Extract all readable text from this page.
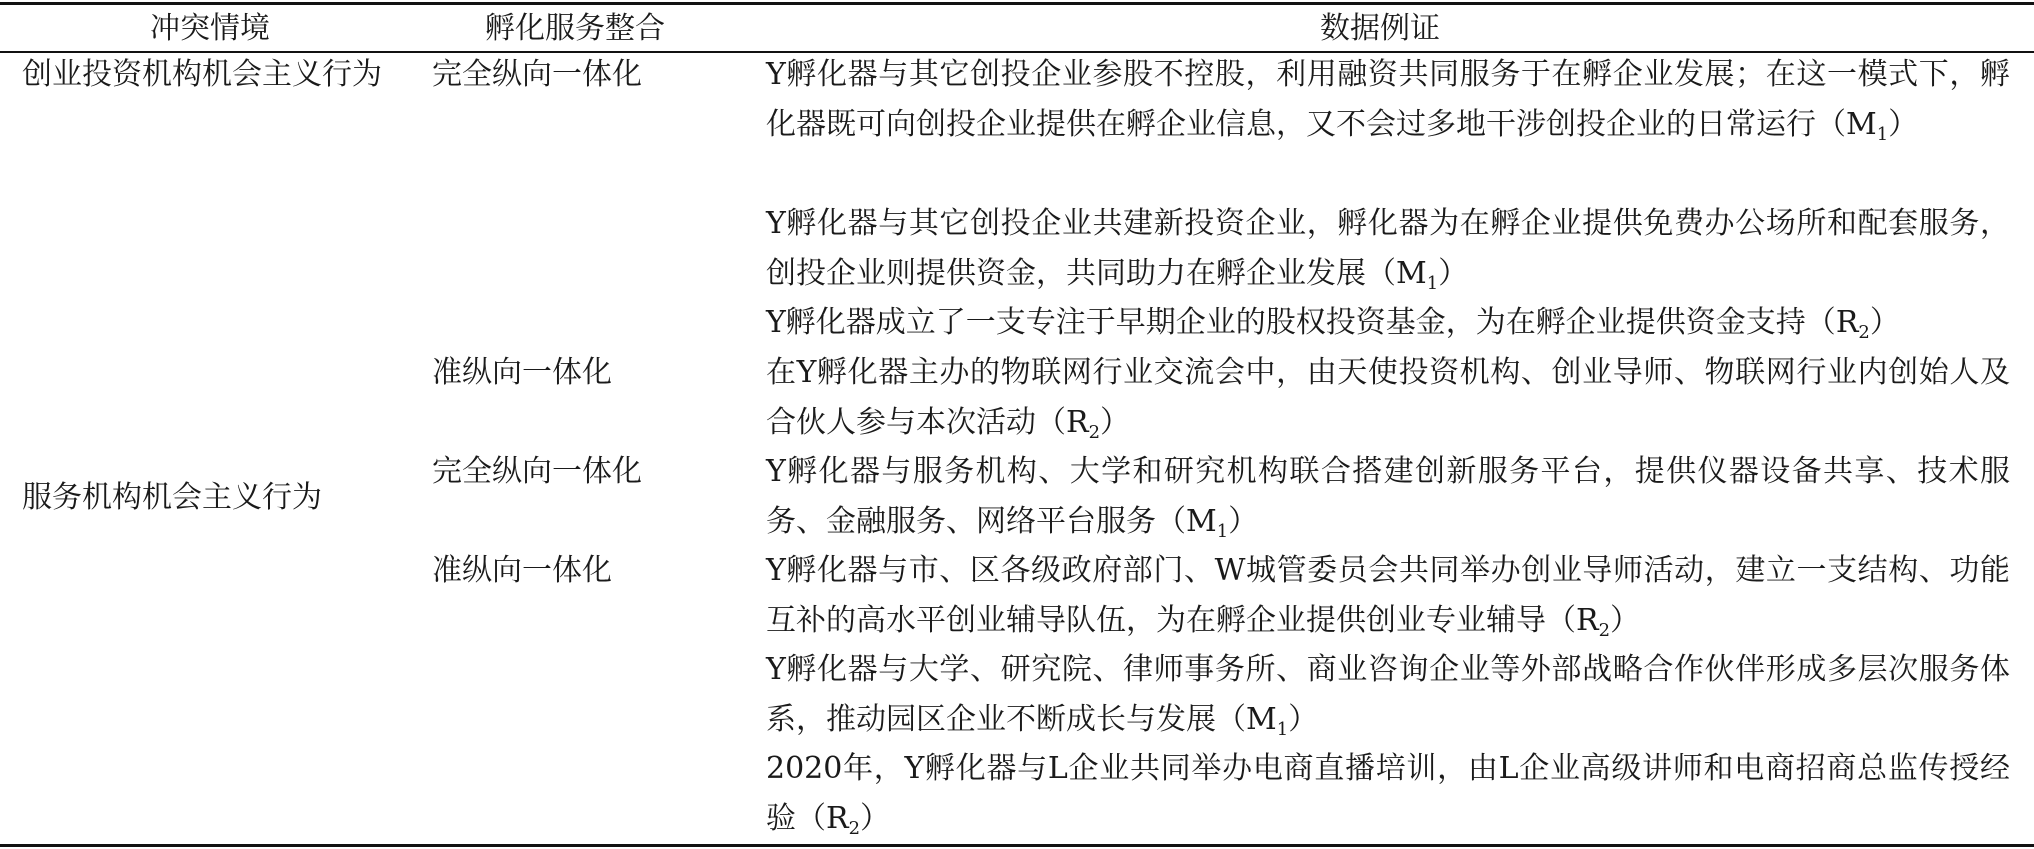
冲突情境	孵化服务整合	数据例证
创业投资机构机会主义行为
服务机构机会主义行为
完全纵向一体化
准纵向一体化
完全纵向一体化
准纵向一体化
Y孵化器与其它创投企业参股不控股，利用融资共同服务于在孵企业发展；在这一模式下，孵化器既可向创投企业提供在孵企业信息，又不会过多地干涉创投企业的日常运行$(M_1)$
Y孵化器与其它创投企业共建新投资企业，孵化器为在孵企业提供免费办公场所和配套服务，创投企业则提供资金，共同助力在孵企业发展$(M_1)$
Y孵化器成立了一支专注于早期企业的股权投资基金，为在孵企业提供资金支持$(R_2)$
在Y孵化器主办的物联网行业交流会中，由天使投资机构、创业导师、物联网行业内创始人及合伙人参与本次活动$(R_2)$
Y孵化器与服务机构、大学和研究机构联合搭建创新服务平台，提供仪器设备共享、技术服务、金融服务、网络平台服务$(M_1)$
Y孵化器与市、区各级政府部门、W城管委员会共同举办创业导师活动，建立一支结构、功能互补的高水平创业辅导队伍，为在孵企业提供创业专业辅导$(R_2)$
Y孵化器与大学、研究院、律师事务所、商业咨询企业等外部战略合作伙伴形成多层次服务体系，推动园区企业不断成长与发展$(M_1)$
2020年，Y孵化器与L企业共同举办电商直播培训，由L企业高级讲师和电商招商总监传授经验$(R_2)$
